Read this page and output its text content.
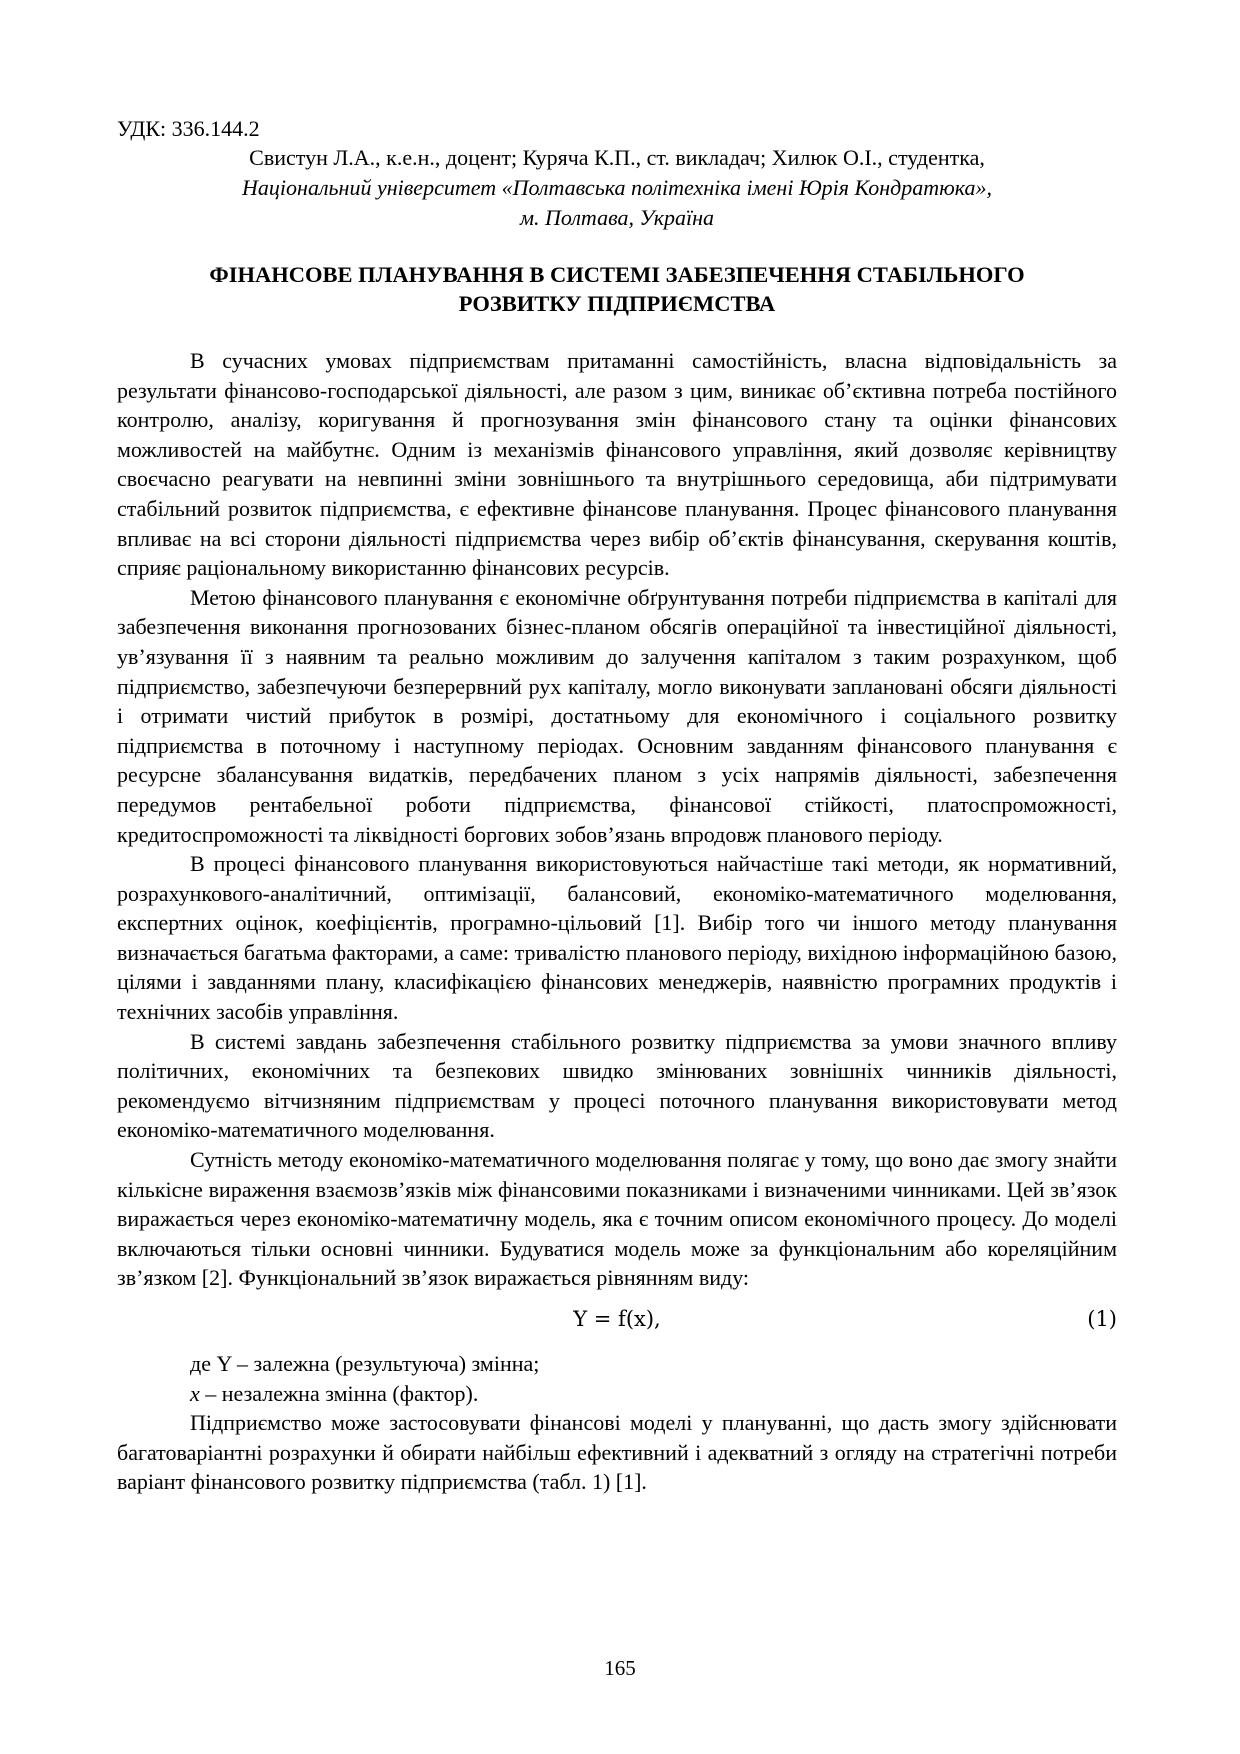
УДК: 336.144.2
Свистун Л.А., к.е.н., доцент; Куряча К.П., ст. викладач; Хилюк О.І., студентка,
Національний університет «Полтавська політехніка імені Юрія Кондратюка»,
м. Полтава, Україна
ФІНАНСОВЕ ПЛАНУВАННЯ В СИСТЕМІ ЗАБЕЗПЕЧЕННЯ СТАБІЛЬНОГО
РОЗВИТКУ ПІДПРИЄМСТВА

В сучасних умовах підприємствам притаманні самостійність, власна відповідальність за результати фінансово-господарської діяльності, але разом з цим, виникає об’єктивна потреба постійного контролю, аналізу, коригування й прогнозування змін фінансового стану та оцінки фінансових можливостей на майбутнє. Одним із механізмів фінансового управління, який дозволяє керівництву своєчасно реагувати на невпинні зміни зовнішнього та внутрішнього середовища, аби підтримувати стабільний розвиток підприємства, є ефективне фінансове планування. Процес фінансового планування впливає на всі сторони діяльності підприємства через вибір об’єктів фінансування, скерування коштів, сприяє раціональному використанню фінансових ресурсів.

Метою фінансового планування є економічне обґрунтування потреби підприємства в капіталі для забезпечення виконання прогнозованих бізнес-планом обсягів операційної та інвестиційної діяльності, ув’язування її з наявним та реально можливим до залучення капіталом з таким розрахунком, щоб підприємство, забезпечуючи безперервний рух капіталу, могло виконувати заплановані обсяги діяльності і отримати чистий прибуток в розмірі, достатньому для економічного і соціального розвитку підприємства в поточному і наступному періодах. Основним завданням фінансового планування є ресурсне збалансування видатків, передбачених планом з усіх напрямів діяльності, забезпечення передумов рентабельної роботи підприємства, фінансової стійкості, платоспроможності, кредитоспроможності та ліквідності боргових зобов’язань впродовж планового періоду.

В процесі фінансового планування використовуються найчастіше такі методи, як нормативний, розрахункового-аналітичний, оптимізації, балансовий, економіко-математичного моделювання, експертних оцінок, коефіцієнтів, програмно-цільовий [1]. Вибір того чи іншого методу планування визначається багатьма факторами, а саме: тривалістю планового періоду, вихідною інформаційною базою, цілями і завданнями плану, класифікацією фінансових менеджерів, наявністю програмних продуктів і технічних засобів управління.

В системі завдань забезпечення стабільного розвитку підприємства за умови значного впливу політичних, економічних та безпекових швидко змінюваних зовнішніх чинників діяльності, рекомендуємо вітчизняним підприємствам у процесі поточного планування використовувати метод економіко-математичного моделювання.

Сутність методу економіко-математичного моделювання полягає у тому, що воно дає змогу знайти кількісне вираження взаємозв’язків між фінансовими показниками і визначеними чинниками. Цей зв’язок виражається через економіко-математичну модель, яка є точним описом економічного процесу. До моделі включаються тільки основні чинники. Будуватися модель може за функціональним або кореляційним зв’язком [2]. Функціональний зв’язок виражається рівнянням виду:

Y = f(x),	(1)
де Y – залежна (результуюча) змінна;
x – незалежна змінна (фактор).

Підприємство може застосовувати фінансові моделі у плануванні, що дасть змогу здійснювати багатоваріантні розрахунки й обирати найбільш ефективний і адекватний з огляду на стратегічні потреби варіант фінансового розвитку підприємства (табл. 1) [1].

165
